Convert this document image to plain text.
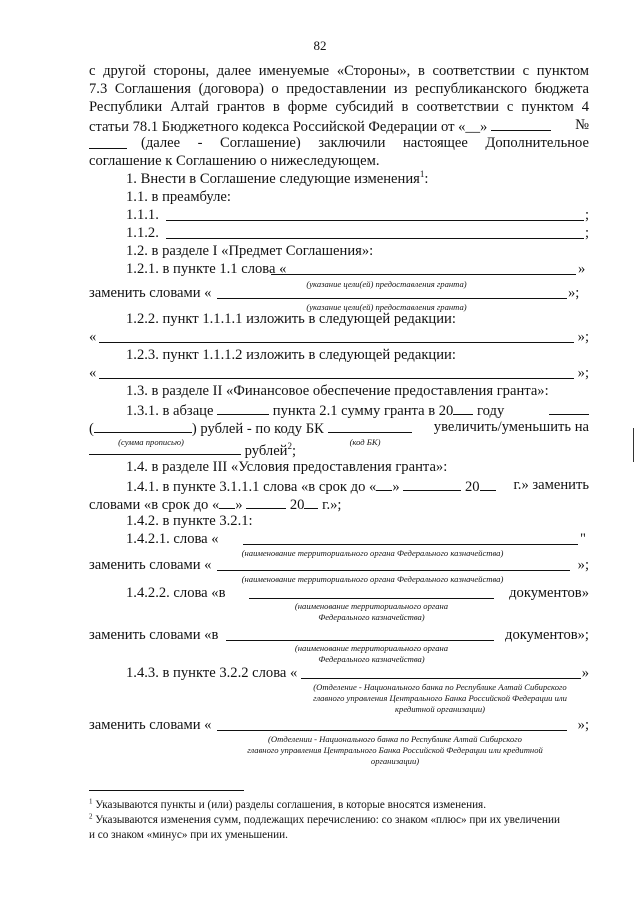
82
с другой стороны, далее именуемые «Стороны», в соответствии с пунктом
7.3 Соглашения (договора) о предоставлении из республиканского бюджета
Республики Алтай грантов в форме субсидий в соответствии с пунктом 4
статьи 78.1 Бюджетного кодекса Российской Федерации от «__»	№
(далее - Соглашение) заключили настоящее Дополнительное
соглашение к Соглашению о нижеследующем.
1. Внести в Соглашение следующие изменения$^1$:
1.1. в преамбуле:
1.1.1.	;
1.1.2.	;
1.2. в разделе I «Предмет Соглашения»:
1.2.1. в пункте 1.1 слова «	»
(указание цели(ей) предоставления гранта)
заменить словами «	»;
(указание цели(ей) предоставления гранта)
1.2.2. пункт 1.1.1.1 изложить в следующей редакции:
«	»;
1.2.3. пункт 1.1.1.2 изложить в следующей редакции:
«	»;
1.3. в разделе II «Финансовое обеспечение предоставления гранта»:
1.3.1. в абзаце	пункта 2.1 сумму гранта в 20 году
(	) рублей - по коду БК	увеличить/уменьшить на
(сумма прописью)	(код БК)
рублей$^2$;
1.4. в разделе III «Условия предоставления гранта»:
1.4.1. в пункте 3.1.1.1 слова «в срок до « »	20 г.» заменить
словами «в срок до « »	20 г.»;
1.4.2. в пункте 3.2.1:
1.4.2.1. слова «	"
(наименование территориального органа Федерального казначейства)
заменить словами «	»;
(наименование территориального органа Федерального казначейства)
1.4.2.2. слова «в	документов»
(наименование территориального органа
Федерального казначейства)
заменить словами «в	документов»;
(наименование территориального органа
Федерального казначейства)
1.4.3. в пункте 3.2.2 слова «	»
(Отделение - Национального банка по Республике Алтай Сибирского
главного управления Центрального Банка Российской Федерации или
кредитной организации)
заменить словами «	»;
(Отделении - Национального банка по Республике Алтай Сибирского
главного управления Центрального Банка Российской Федерации или кредитной
организации)
$^1$ Указываются пункты и (или) разделы соглашения, в которые вносятся изменения.
$^2$ Указываются изменения сумм, подлежащих перечислению: со знаком «плюс» при их увеличении
и со знаком «минус» при их уменьшении.
